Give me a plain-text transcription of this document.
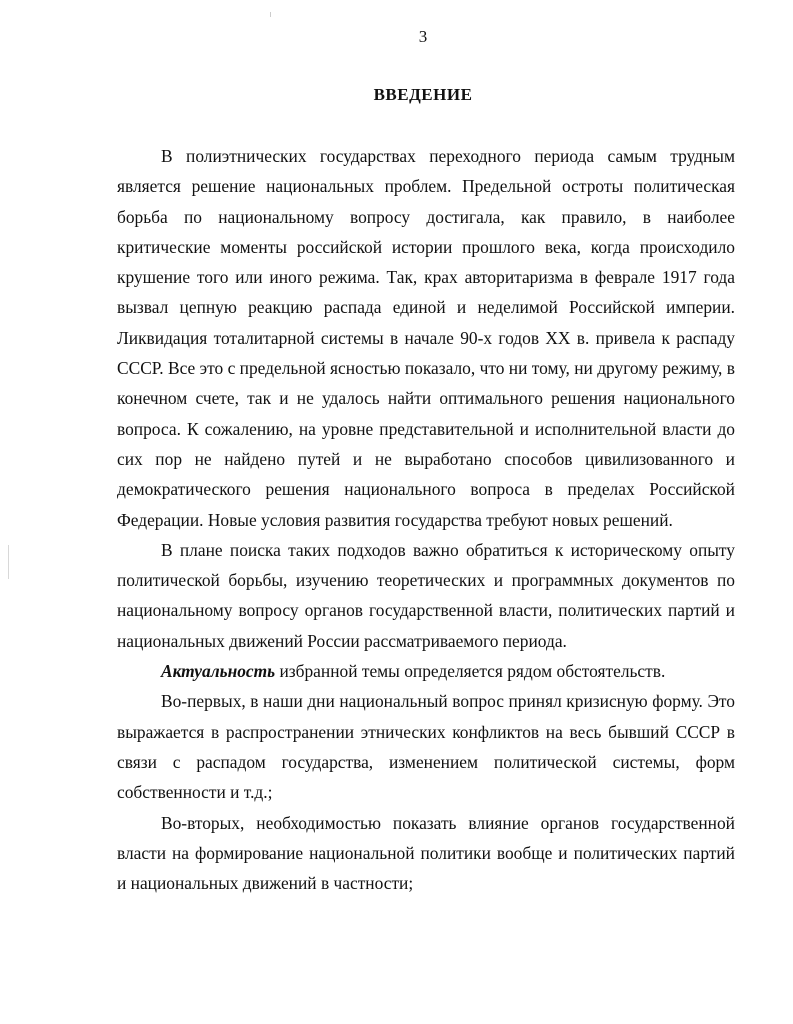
3
ВВЕДЕНИЕ

В полиэтнических государствах переходного периода самым трудным является решение национальных проблем. Предельной остроты политическая борьба по национальному вопросу достигала, как правило, в наиболее критические моменты российской истории прошлого века, когда происходило крушение того или иного режима. Так, крах авторитаризма в феврале 1917 года вызвал цепную реакцию распада единой и неделимой Российской империи. Ликвидация тоталитарной системы в начале 90-х годов XX в. привела к распаду СССР. Все это с предельной ясностью показало, что ни тому, ни другому режиму, в конечном счете, так и не удалось найти оптимального решения национального вопроса. К сожалению, на уровне представительной и исполнительной власти до сих пор не найдено путей и не выработано способов цивилизованного и демократического решения национального вопроса в пределах Российской Федерации. Новые условия развития государства требуют новых решений.

В плане поиска таких подходов важно обратиться к историческому опыту политической борьбы, изучению теоретических и программных документов по национальному вопросу органов государственной власти, политических партий и национальных движений России рассматриваемого периода.

Актуальность избранной темы определяется рядом обстоятельств.

Во-первых, в наши дни национальный вопрос принял кризисную форму. Это выражается в распространении этнических конфликтов на весь бывший СССР в связи с распадом государства, изменением политической системы, форм собственности и т.д.;

Во-вторых, необходимостью показать влияние органов государственной власти на формирование национальной политики вообще и политических партий и национальных движений в частности;
